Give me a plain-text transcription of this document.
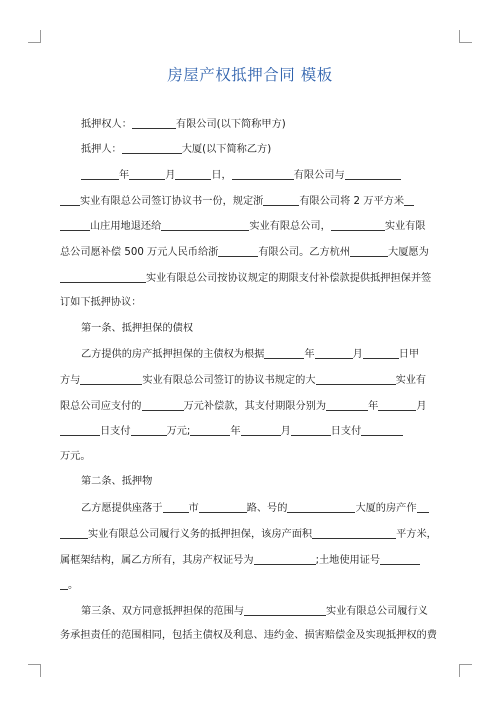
房屋产权抵押合同 模板
抵押权人：	有限公司(以下简称甲方)
抵押人：	大厦(以下简称乙方)
年	月	日，	有限公司与
实业有限总公司签订协议书一份，规定浙	有限公司将 2 万平方米
山庄用地退还给	实业有限总公司，	实业有限
总公司愿补偿 500 万元人民币给浙	有限公司。乙方杭州	大厦愿为
实业有限总公司按协议规定的期限支付补偿款提供抵押担保并签
订如下抵押协议：
第一条、抵押担保的债权
乙方提供的房产抵押担保的主债权为根据	年	月	日甲
方与	实业有限总公司签订的协议书规定的大	实业有
限总公司应支付的	万元补偿款，其支付期限分别为	年	月
日支付	万元;	年	月	日支付
万元。
第二条、抵押物
乙方愿提供座落于	市	路、号的	大厦的房产作
实业有限总公司履行义务的抵押担保，该房产面积	平方米，
属框架结构，属乙方所有，其房产权证号为	;土地使用证号
。
第三条、双方同意抵押担保的范围与	实业有限总公司履行义
务承担责任的范围相同，包括主债权及利息、违约金、损害赔偿金及实现抵押权的费
